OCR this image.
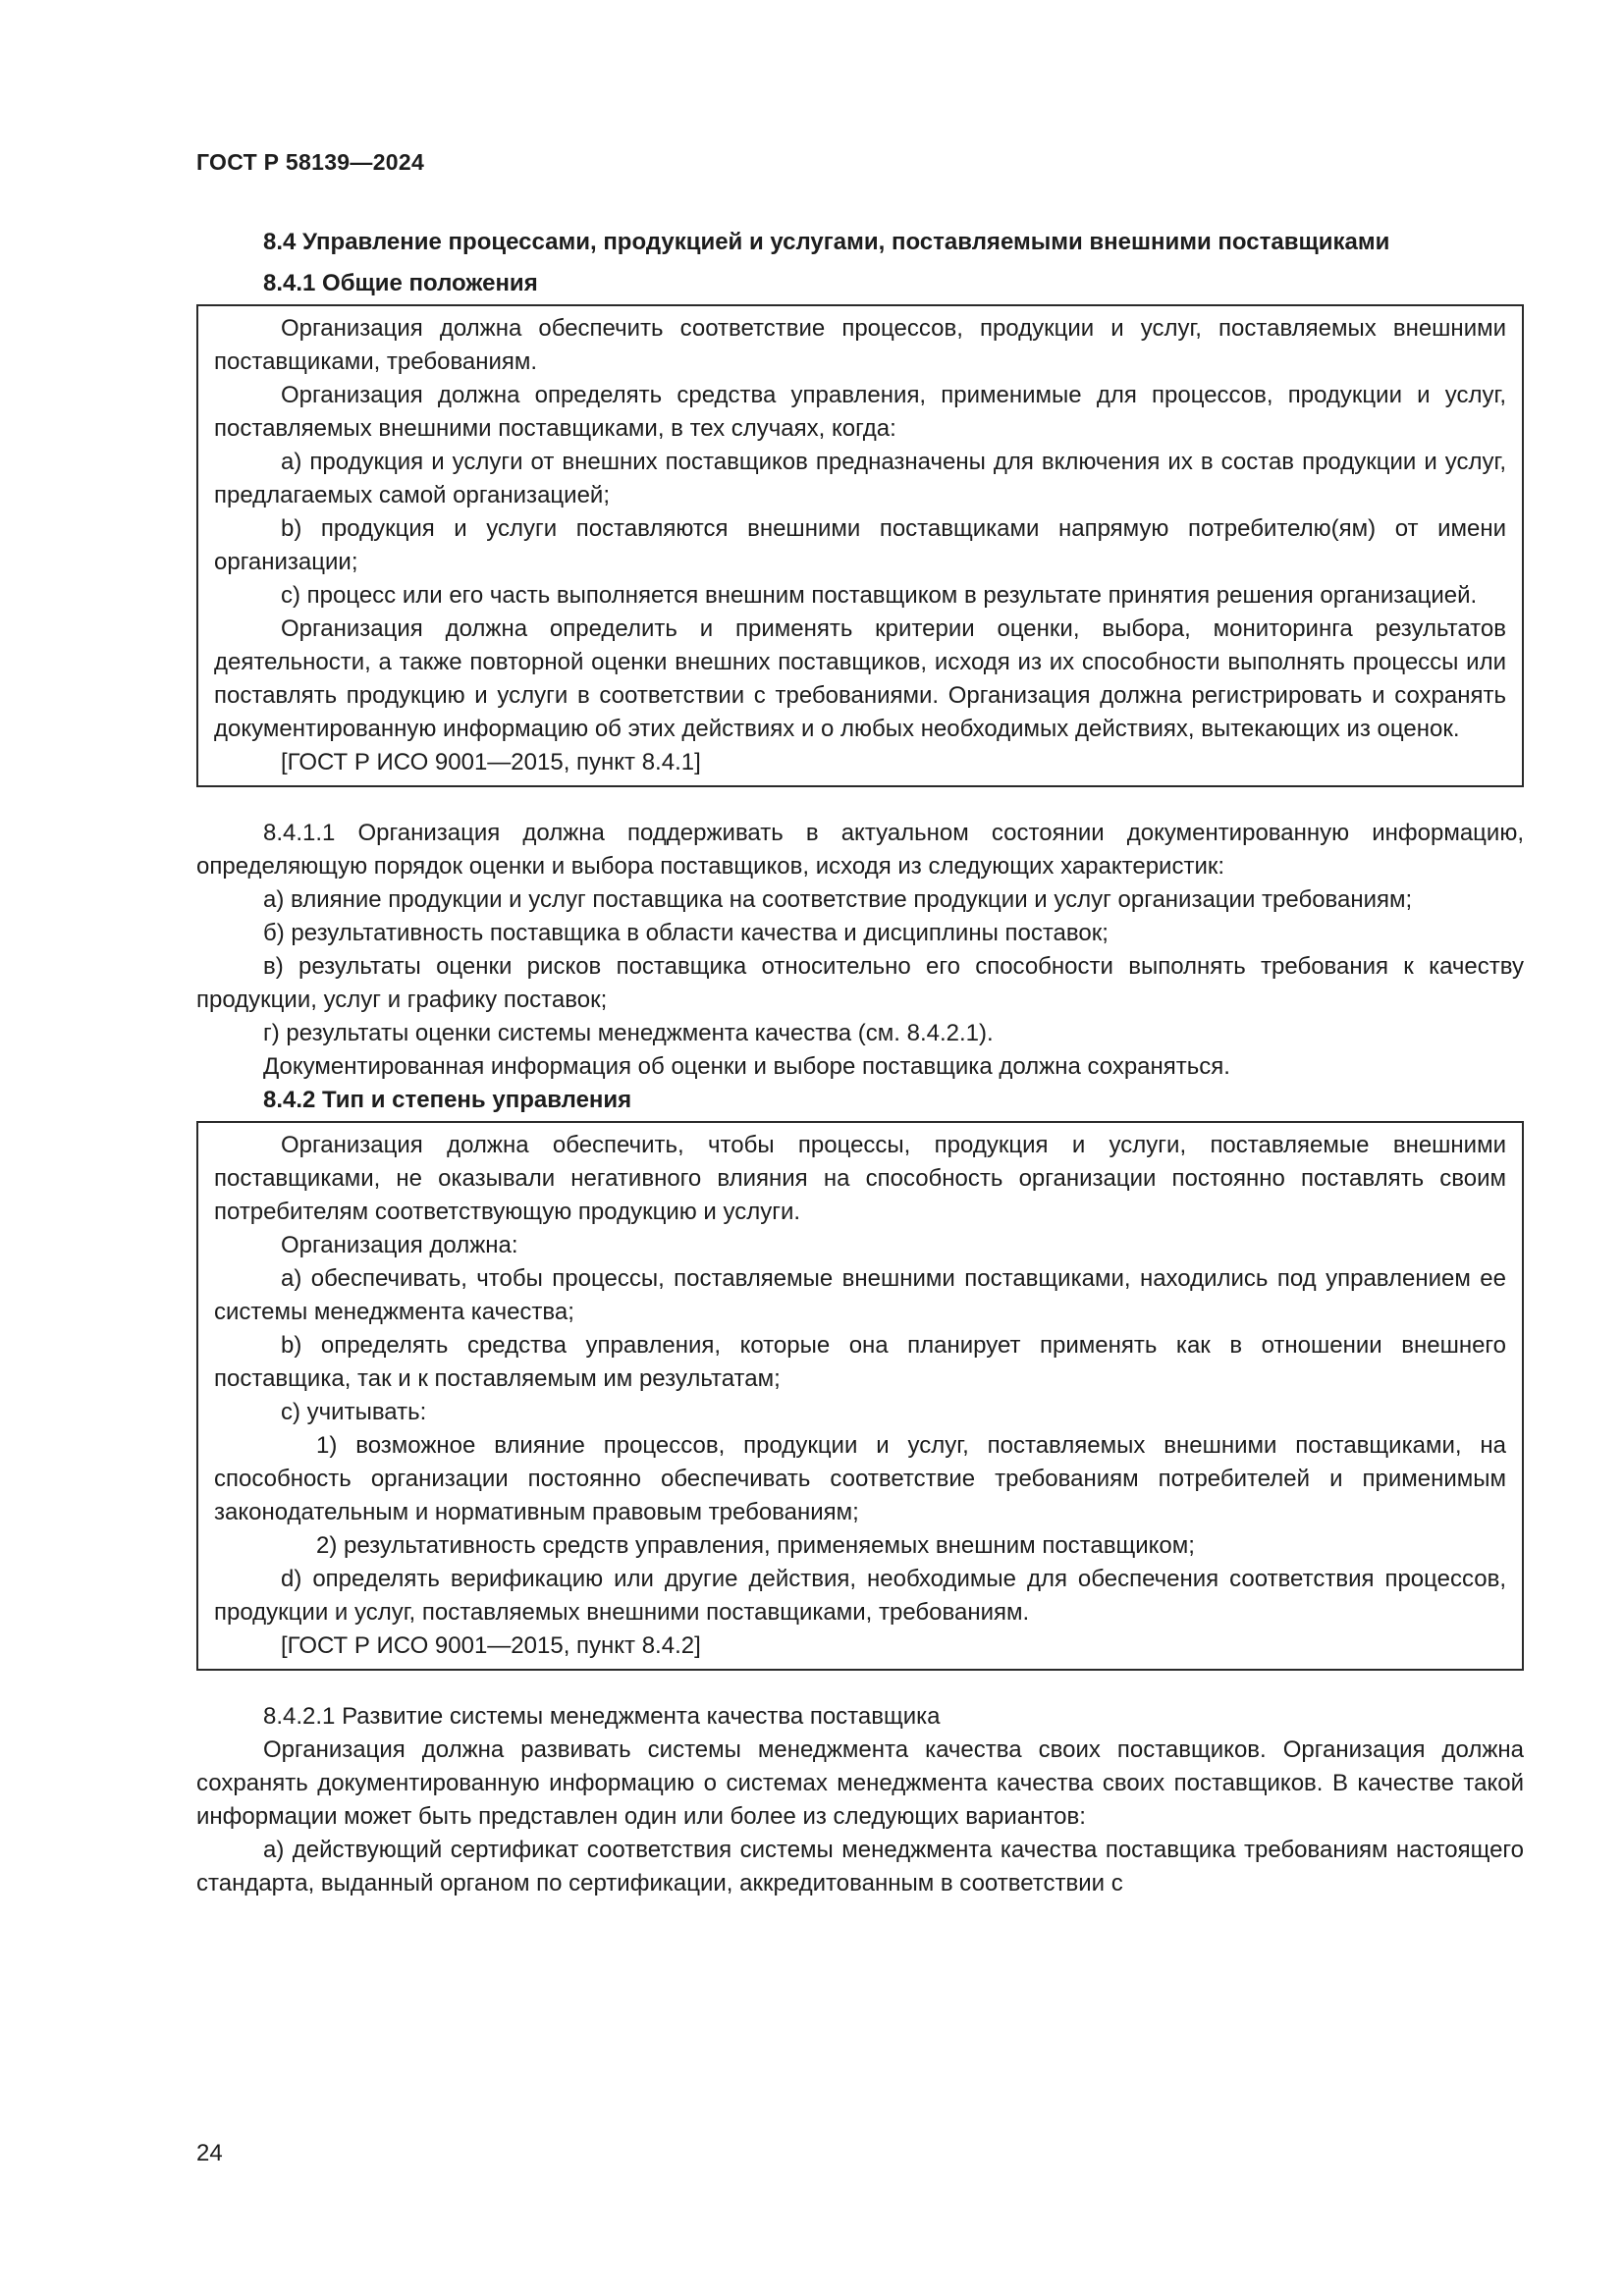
ГОСТ Р 58139—2024
8.4 Управление процессами, продукцией и услугами, поставляемыми внешними поставщиками
8.4.1 Общие положения

Организация должна обеспечить соответствие процессов, продукции и услуг, поставляемых внешними поставщиками, требованиям.

Организация должна определять средства управления, применимые для процессов, продукции и услуг, поставляемых внешними поставщиками, в тех случаях, когда:

a) продукция и услуги от внешних поставщиков предназначены для включения их в состав продукции и услуг, предлагаемых самой организацией;

b) продукция и услуги поставляются внешними поставщиками напрямую потребителю(ям) от имени организации;

c) процесс или его часть выполняется внешним поставщиком в результате принятия решения организацией.

Организация должна определить и применять критерии оценки, выбора, мониторинга результатов деятельности, а также повторной оценки внешних поставщиков, исходя из их способности выполнять процессы или поставлять продукцию и услуги в соответствии с требованиями. Организация должна регистрировать и сохранять документированную информацию об этих действиях и о любых необходимых действиях, вытекающих из оценок.

[ГОСТ Р ИСО 9001—2015, пункт 8.4.1]

8.4.1.1 Организация должна поддерживать в актуальном состоянии документированную информацию, определяющую порядок оценки и выбора поставщиков, исходя из следующих характеристик:

а) влияние продукции и услуг поставщика на соответствие продукции и услуг организации требованиям;

б) результативность поставщика в области качества и дисциплины поставок;

в) результаты оценки рисков поставщика относительно его способности выполнять требования к качеству продукции, услуг и графику поставок;

г) результаты оценки системы менеджмента качества (см. 8.4.2.1).

Документированная информация об оценки и выборе поставщика должна сохраняться.

8.4.2 Тип и степень управления

Организация должна обеспечить, чтобы процессы, продукция и услуги, поставляемые внешними поставщиками, не оказывали негативного влияния на способность организации постоянно поставлять своим потребителям соответствующую продукцию и услуги.

Организация должна:

a) обеспечивать, чтобы процессы, поставляемые внешними поставщиками, находились под управлением ее системы менеджмента качества;

b) определять средства управления, которые она планирует применять как в отношении внешнего поставщика, так и к поставляемым им результатам;

c) учитывать:

1) возможное влияние процессов, продукции и услуг, поставляемых внешними поставщиками, на способность организации постоянно обеспечивать соответствие требованиям потребителей и применимым законодательным и нормативным правовым требованиям;

2) результативность средств управления, применяемых внешним поставщиком;

d) определять верификацию или другие действия, необходимые для обеспечения соответствия процессов, продукции и услуг, поставляемых внешними поставщиками, требованиям.

[ГОСТ Р ИСО 9001—2015, пункт 8.4.2]

8.4.2.1 Развитие системы менеджмента качества поставщика

Организация должна развивать системы менеджмента качества своих поставщиков. Организация должна сохранять документированную информацию о системах менеджмента качества своих поставщиков. В качестве такой информации может быть представлен один или более из следующих вариантов:

a) действующий сертификат соответствия системы менеджмента качества поставщика требованиям настоящего стандарта, выданный органом по сертификации, аккредитованным в соответствии с

24
